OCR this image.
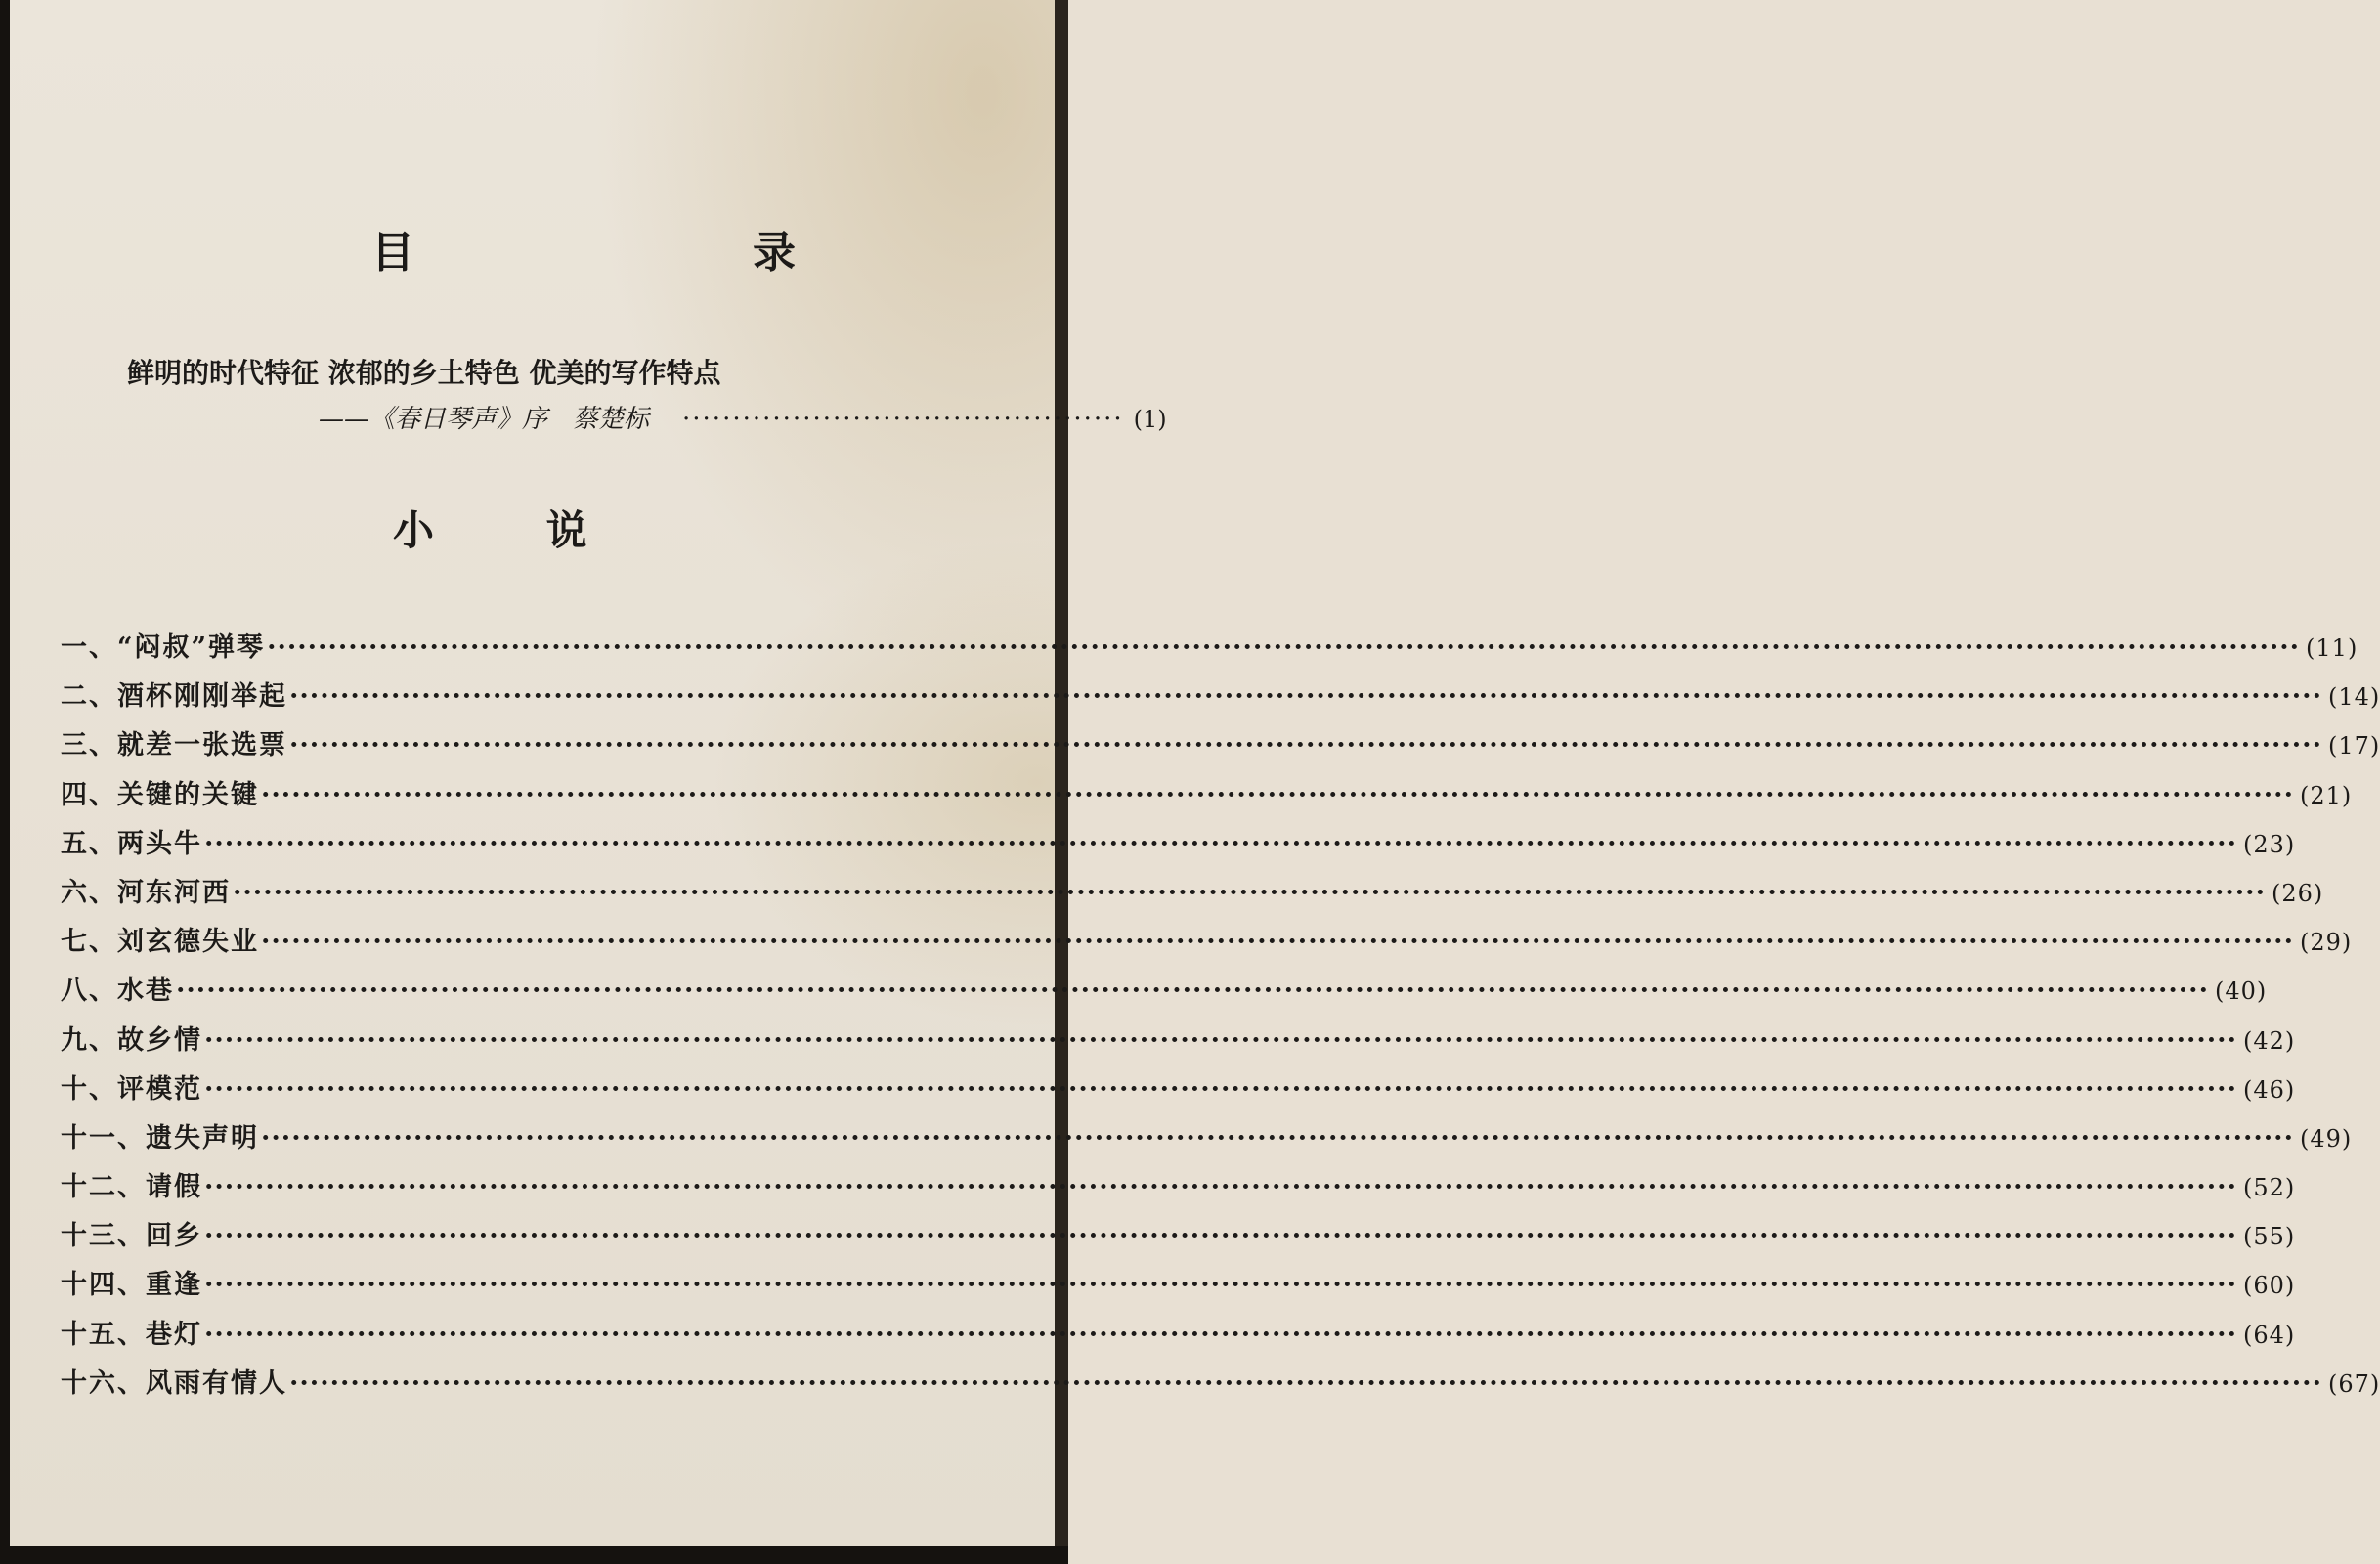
目　　录
鲜明的时代特征 浓郁的乡土特色 优美的写作特点
——《春日琴声》序　蔡楚标 ············································ (1)
小 说
一、“闷叔”弹琴 ········································································································································································································ (11)
二、酒杯刚刚举起 ········································································································································································································ (14)
三、就差一张选票 ········································································································································································································ (17)
四、关键的关键 ········································································································································································································ (21)
五、两头牛 ········································································································································································································ (23)
六、河东河西 ········································································································································································································ (26)
七、刘玄德失业 ········································································································································································································ (29)
八、水巷 ········································································································································································································ (40)
九、故乡情 ········································································································································································································ (42)
十、评模范 ········································································································································································································ (46)
十一、遗失声明 ········································································································································································································ (49)
十二、请假 ········································································································································································································ (52)
十三、回乡 ········································································································································································································ (55)
十四、重逢 ········································································································································································································ (60)
十五、巷灯 ········································································································································································································ (64)
十六、风雨有情人 ········································································································································································································ (67)
